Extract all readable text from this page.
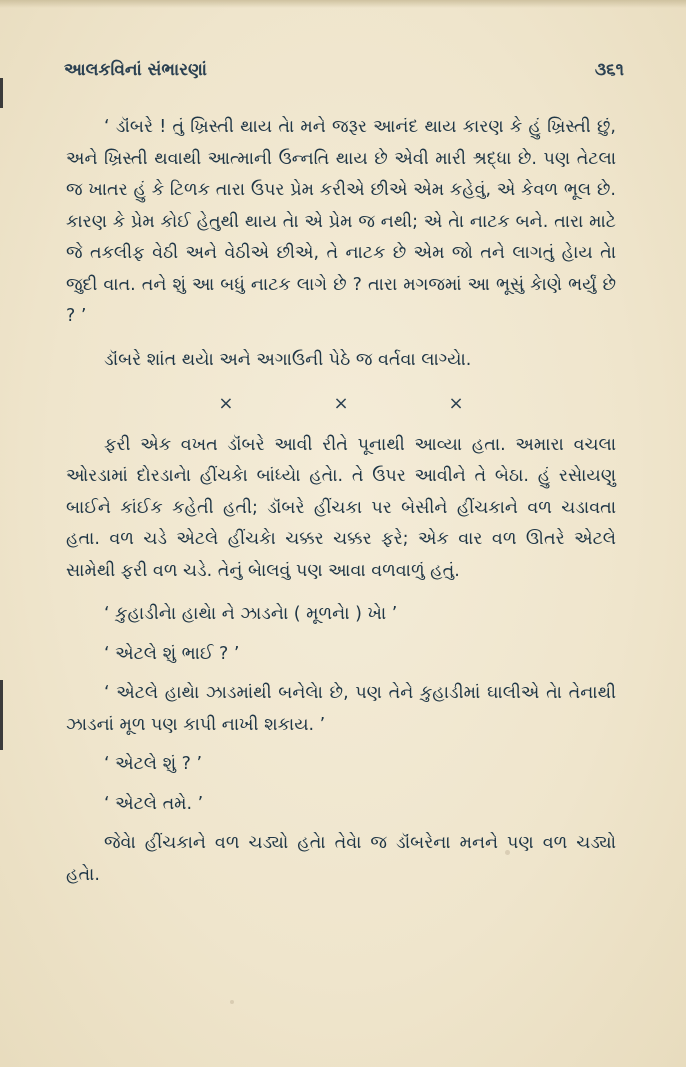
આલકવિનાં સંભારણાં	૩૬૧

‘ ડૉંબરે ! તું ખ્રિસ્તી થાય તેા મને જરૂર આનંદ થાય કારણ કે હું ખ્રિસ્તી છું, અને ખ્રિસ્તી થવાથી આત્માની ઉન્નતિ થાય છે એવી મારી શ્રદ્ધા છે. પણ તેટલા જ ખાતર હું કે ટિળક તારા ઉપર પ્રેમ કરીએ છીએ એમ કહેવું, એ કેવળ ભૂલ છે. કારણ કે પ્રેમ કોઈ હેતુથી થાય તેા એ પ્રેમ જ નથી; એ તેા નાટક બને. તારા માટે જે તકલીફ વેઠી અને વેઠીએ છીએ, તે નાટક છે એમ જો તને લાગતું હેાય તેા જુદી વાત. તને શું આ બધું નાટક લાગે છે ? તારા મગજમાં આ ભૂસું કેાણે ભર્યું છે ? ’

ડૉંબરે શાંત થયેા અને અગાઉની પેઠે જ વર્તવા લાગ્યેા.

×	×	×

ફરી એક વખત ડૉંબરે આવી રીતે પૂનાથી આવ્યા હતા. અમારા વચલા ઓરડામાં દોરડાનેા હીંચકેા બાંધ્યેા હતેા. તે ઉપર આવીને તે બેઠા. હું રસેાયણુ બાઈને કાંઈક કહેતી હતી; ડૉંબરે હીંચકા પર બેસીને હીંચકાને વળ ચડાવતા હતા. વળ ચડે એટલે હીંચકેા ચક્કર ચક્કર ફરે; એક વાર વળ ઊતરે એટલે સામેથી ફરી વળ ચડે. તેનું બેાલવું પણ આવા વળવાળું હતું.

‘ કુહાડીનેા હાથેા ને ઝાડનેા ( મૂળનેા ) ખેા ’

‘ એટલે શું ભાઈ ? ’

‘ એટલે હાથેા ઝાડમાંથી બનેલેા છે, પણ તેને કુહાડીમાં ઘાલીએ તેા તેનાથી ઝાડનાં મૂળ પણ કાપી નાખી શકાય. ’

‘ એટલે શું ? ’

‘ એટલે તમે. ’

જેવેા હીંચકાને વળ ચડ્યો હતેા તેવેા જ ડૉંબરેના મનને પણ વળ ચડ્યો હતેા.
